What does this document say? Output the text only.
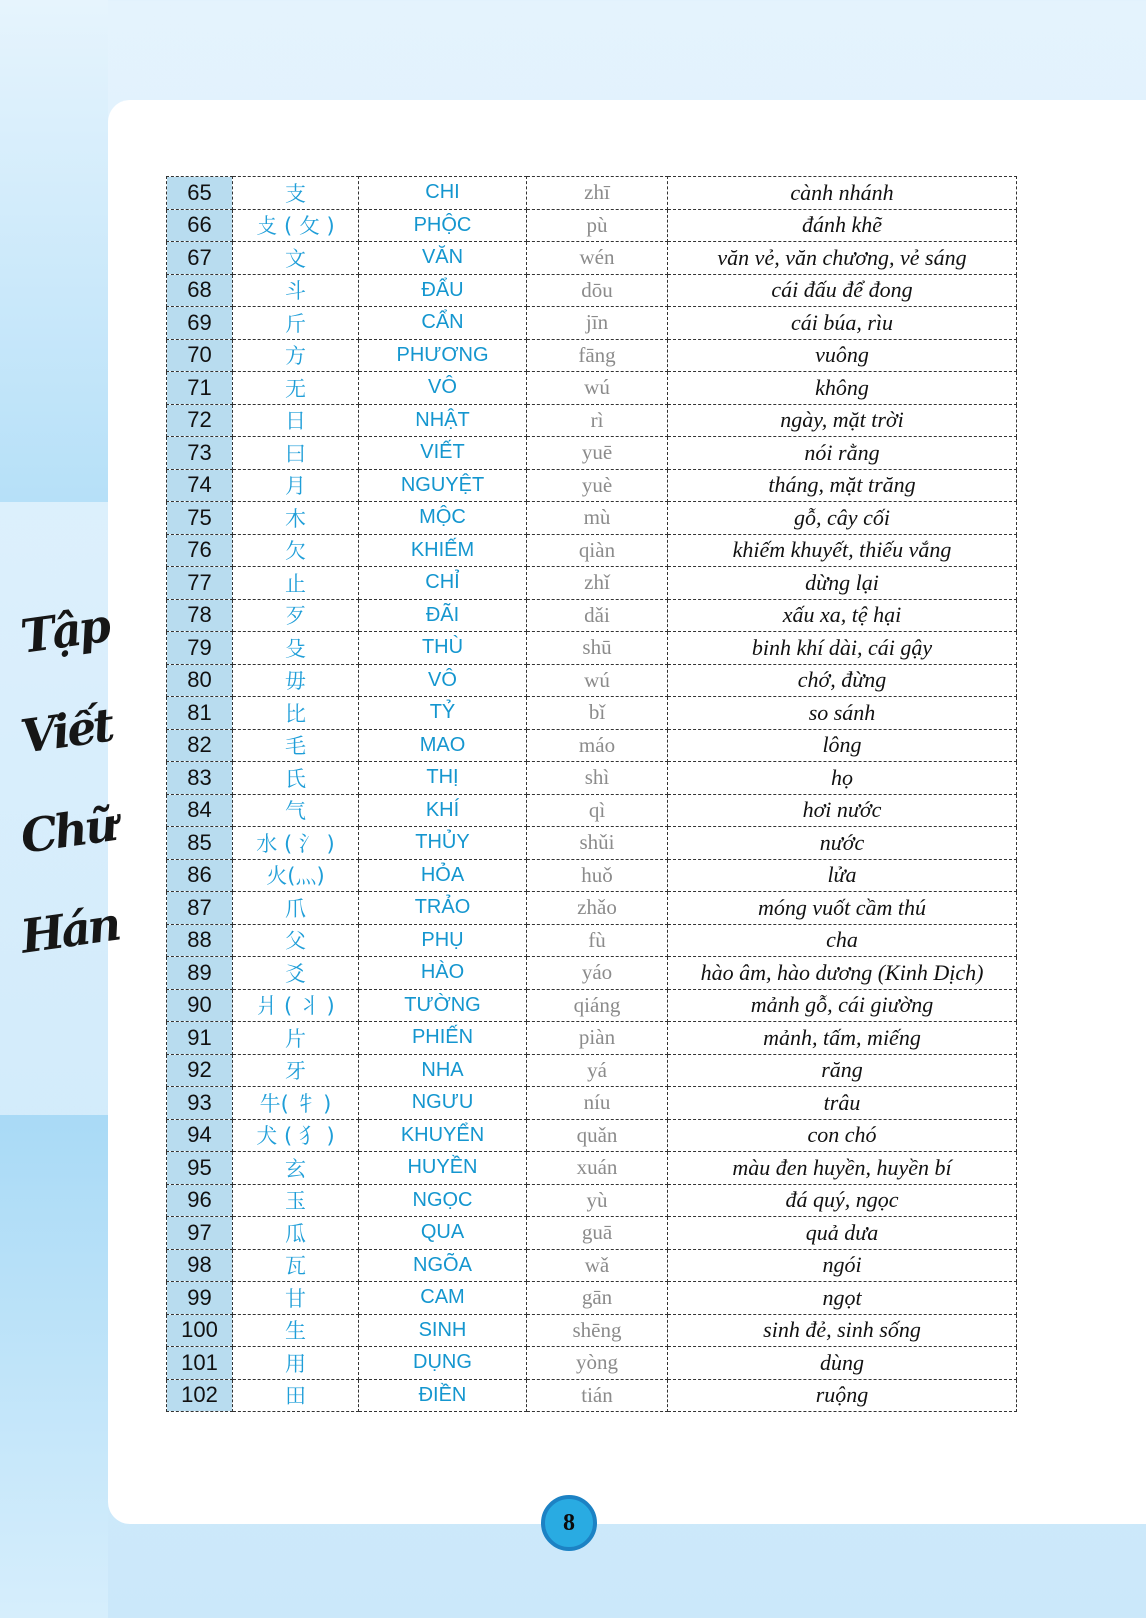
Tập
Viết
Chữ
Hán
65	支	CHI	zhī	cành nhánh
66	攴 ( 攵 )	PHỘC	pù	đánh khẽ
67	文	VĂN	wén	văn vẻ, văn chương, vẻ sáng
68	斗	ĐẨU	dōu	cái đấu để đong
69	斤	CẨN	jīn	cái búa, rìu
70	方	PHƯƠNG	fāng	vuông
71	无	VÔ	wú	không
72	日	NHẬT	rì	ngày, mặt trời
73	曰	VIẾT	yuē	nói rằng
74	月	NGUYỆT	yuè	tháng, mặt trăng
75	木	MỘC	mù	gỗ, cây cối
76	欠	KHIẾM	qiàn	khiếm khuyết, thiếu vắng
77	止	CHỈ	zhǐ	dừng lại
78	歹	ĐÃI	dǎi	xấu xa, tệ hại
79	殳	THÙ	shū	binh khí dài, cái gậy
80	毋	VÔ	wú	chớ, đừng
81	比	TỶ	bǐ	so sánh
82	毛	MAO	máo	lông
83	氏	THỊ	shì	họ
84	气	KHÍ	qì	hơi nước
85	水 ( 氵 )	THỦY	shǔi	nước
86	火(灬)	HỎA	huǒ	lửa
87	爪	TRẢO	zhǎo	móng vuốt cầm thú
88	父	PHỤ	fù	cha
89	爻	HÀO	yáo	hào âm, hào dương (Kinh Dịch)
90	爿 ( 丬 )	TƯỜNG	qiáng	mảnh gỗ, cái giường
91	片	PHIẾN	piàn	mảnh, tấm, miếng
92	牙	NHA	yá	răng
93	牛( 牜 )	NGƯU	níu	trâu
94	犬 ( 犭 )	KHUYỂN	quǎn	con chó
95	玄	HUYỀN	xuán	màu đen huyền, huyền bí
96	玉	NGỌC	yù	đá quý, ngọc
97	瓜	QUA	guā	quả dưa
98	瓦	NGÕA	wǎ	ngói
99	甘	CAM	gān	ngọt
100	生	SINH	shēng	sinh đẻ, sinh sống
101	用	DỤNG	yòng	dùng
102	田	ĐIỀN	tián	ruộng
8
